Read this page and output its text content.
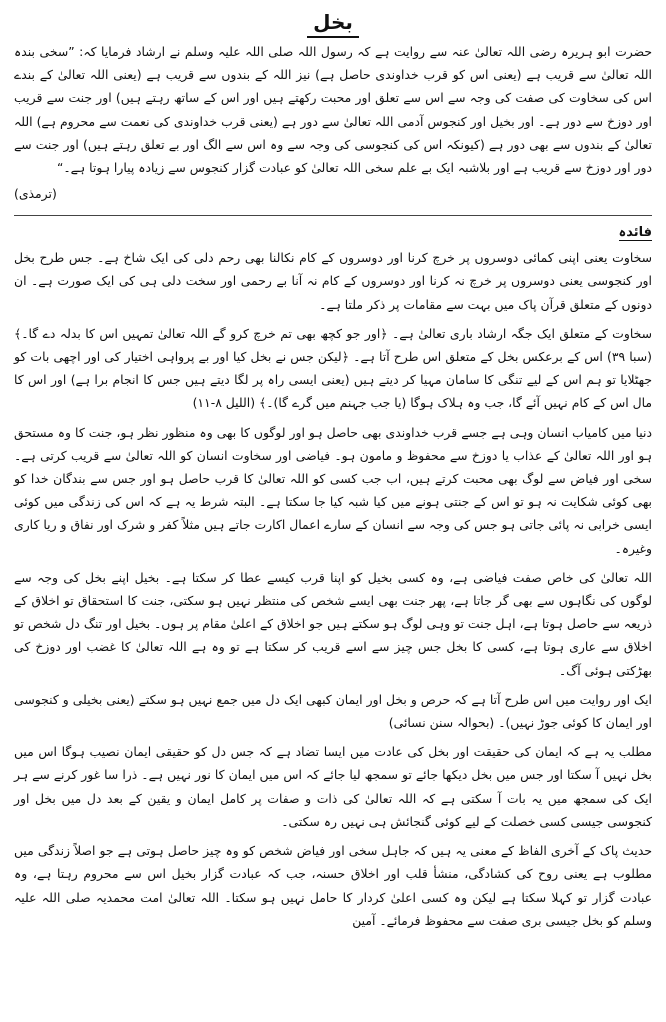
بخل

حضرت ابو ہریرہ رضی اللہ تعالیٰ عنہ سے روایت ہے کہ رسول اللہ صلی اللہ علیہ وسلم نے ارشاد فرمایا کہ: ”سخی بندہ اللہ تعالیٰ سے قریب ہے (یعنی اس کو قرب خداوندی حاصل ہے) نیز اللہ کے بندوں سے قریب ہے (یعنی اللہ تعالیٰ کے بندے اس کی سخاوت کی صفت کی وجہ سے اس سے تعلق اور محبت رکھتے ہیں اور اس کے ساتھ رہتے ہیں) اور جنت سے قریب اور دوزخ سے دور ہے۔ اور بخیل اور کنجوس آدمی اللہ تعالیٰ سے دور ہے (یعنی قرب خداوندی کی نعمت سے محروم ہے) اللہ تعالیٰ کے بندوں سے بھی دور ہے (کیونکہ اس کی کنجوسی کی وجہ سے وہ اس سے الگ اور بے تعلق رہتے ہیں) اور جنت سے دور اور دوزخ سے قریب ہے اور بلاشبہ ایک بے علم سخی اللہ تعالیٰ کو عبادت گزار کنجوس سے زیادہ پیارا ہوتا ہے۔“

(ترمذی)
فائدہ

سخاوت یعنی اپنی کمائی دوسروں پر خرچ کرنا اور دوسروں کے کام نکالنا بھی رحم دلی کی ایک شاخ ہے۔ جس طرح بخل اور کنجوسی یعنی دوسروں پر خرچ نہ کرنا اور دوسروں کے کام نہ آنا بے رحمی اور سخت دلی ہی کی ایک صورت ہے۔ ان دونوں کے متعلق قرآن پاک میں بہت سے مقامات پر ذکر ملتا ہے۔

سخاوت کے متعلق ایک جگہ ارشاد باری تعالیٰ ہے۔ ﴿اور جو کچھ بھی تم خرچ کرو گے اللہ تعالیٰ تمہیں اس کا بدلہ دے گا۔﴾ (سبا ۳۹) اس کے برعکس بخل کے متعلق اس طرح آتا ہے۔ ﴿لیکن جس نے بخل کیا اور بے پرواہی اختیار کی اور اچھی بات کو جھٹلایا تو ہم اس کے لیے تنگی کا سامان مہیا کر دیتے ہیں (یعنی ایسی راہ پر لگا دیتے ہیں جس کا انجام برا ہے) اور اس کا مال اس کے کام نہیں آئے گا، جب وہ ہلاک ہوگا (یا جب جہنم میں گرے گا)۔﴾ (اللیل ۸-۱۱)

دنیا میں کامیاب انسان وہی ہے جسے قرب خداوندی بھی حاصل ہو اور لوگوں کا بھی وہ منظور نظر ہو، جنت کا وہ مستحق ہو اور اللہ تعالیٰ کے عذاب یا دوزخ سے محفوظ و مامون ہو۔ فیاضی اور سخاوت انسان کو اللہ تعالیٰ سے قریب کرتی ہے۔ سخی اور فیاض سے لوگ بھی محبت کرتے ہیں، اب جب کسی کو اللہ تعالیٰ کا قرب حاصل ہو اور جس سے بندگان خدا کو بھی کوئی شکایت نہ ہو تو اس کے جنتی ہونے میں کیا شبہ کیا جا سکتا ہے۔ البتہ شرط یہ ہے کہ اس کی زندگی میں کوئی ایسی خرابی نہ پائی جاتی ہو جس کی وجہ سے انسان کے سارے اعمال اکارت جاتے ہیں مثلاً کفر و شرک اور نفاق و ریا کاری وغیرہ۔

اللہ تعالیٰ کی خاص صفت فیاضی ہے، وہ کسی بخیل کو اپنا قرب کیسے عطا کر سکتا ہے۔ بخیل اپنے بخل کی وجہ سے لوگوں کی نگاہوں سے بھی گر جاتا ہے، پھر جنت بھی ایسے شخص کی منتظر نہیں ہو سکتی، جنت کا استحقاق تو اخلاق کے ذریعہ سے حاصل ہوتا ہے، اہل جنت تو وہی لوگ ہو سکتے ہیں جو اخلاق کے اعلیٰ مقام پر ہوں۔ بخیل اور تنگ دل شخص تو اخلاق سے عاری ہوتا ہے، کسی کا بخل جس چیز سے اسے قریب کر سکتا ہے تو وہ ہے اللہ تعالیٰ کا غضب اور دوزخ کی بھڑکتی ہوئی آگ۔

ایک اور روایت میں اس طرح آتا ہے کہ حرص و بخل اور ایمان کبھی ایک دل میں جمع نہیں ہو سکتے (یعنی بخیلی و کنجوسی اور ایمان کا کوئی جوڑ نہیں)۔ (بحوالہ سنن نسائی)

مطلب یہ ہے کہ ایمان کی حقیقت اور بخل کی عادت میں ایسا تضاد ہے کہ جس دل کو حقیقی ایمان نصیب ہوگا اس میں بخل نہیں آ سکتا اور جس میں بخل دیکھا جائے تو سمجھ لیا جائے کہ اس میں ایمان کا نور نہیں ہے۔ ذرا سا غور کرنے سے ہر ایک کی سمجھ میں یہ بات آ سکتی ہے کہ اللہ تعالیٰ کی ذات و صفات پر کامل ایمان و یقین کے بعد دل میں بخل اور کنجوسی جیسی کسی خصلت کے لیے کوئی گنجائش ہی نہیں رہ سکتی۔

حدیث پاک کے آخری الفاظ کے معنی یہ ہیں کہ جاہل سخی اور فیاض شخص کو وہ چیز حاصل ہوتی ہے جو اصلاً زندگی میں مطلوب ہے یعنی روح کی کشادگی، منشأ قلب اور اخلاق حسنہ، جب کہ عبادت گزار بخیل اس سے محروم رہتا ہے، وہ عبادت گزار تو کہلا سکتا ہے لیکن وہ کسی اعلیٰ کردار کا حامل نہیں ہو سکتا۔ اللہ تعالیٰ امت محمدیہ صلی اللہ علیہ وسلم کو بخل جیسی بری صفت سے محفوظ فرمائے۔ آمین
